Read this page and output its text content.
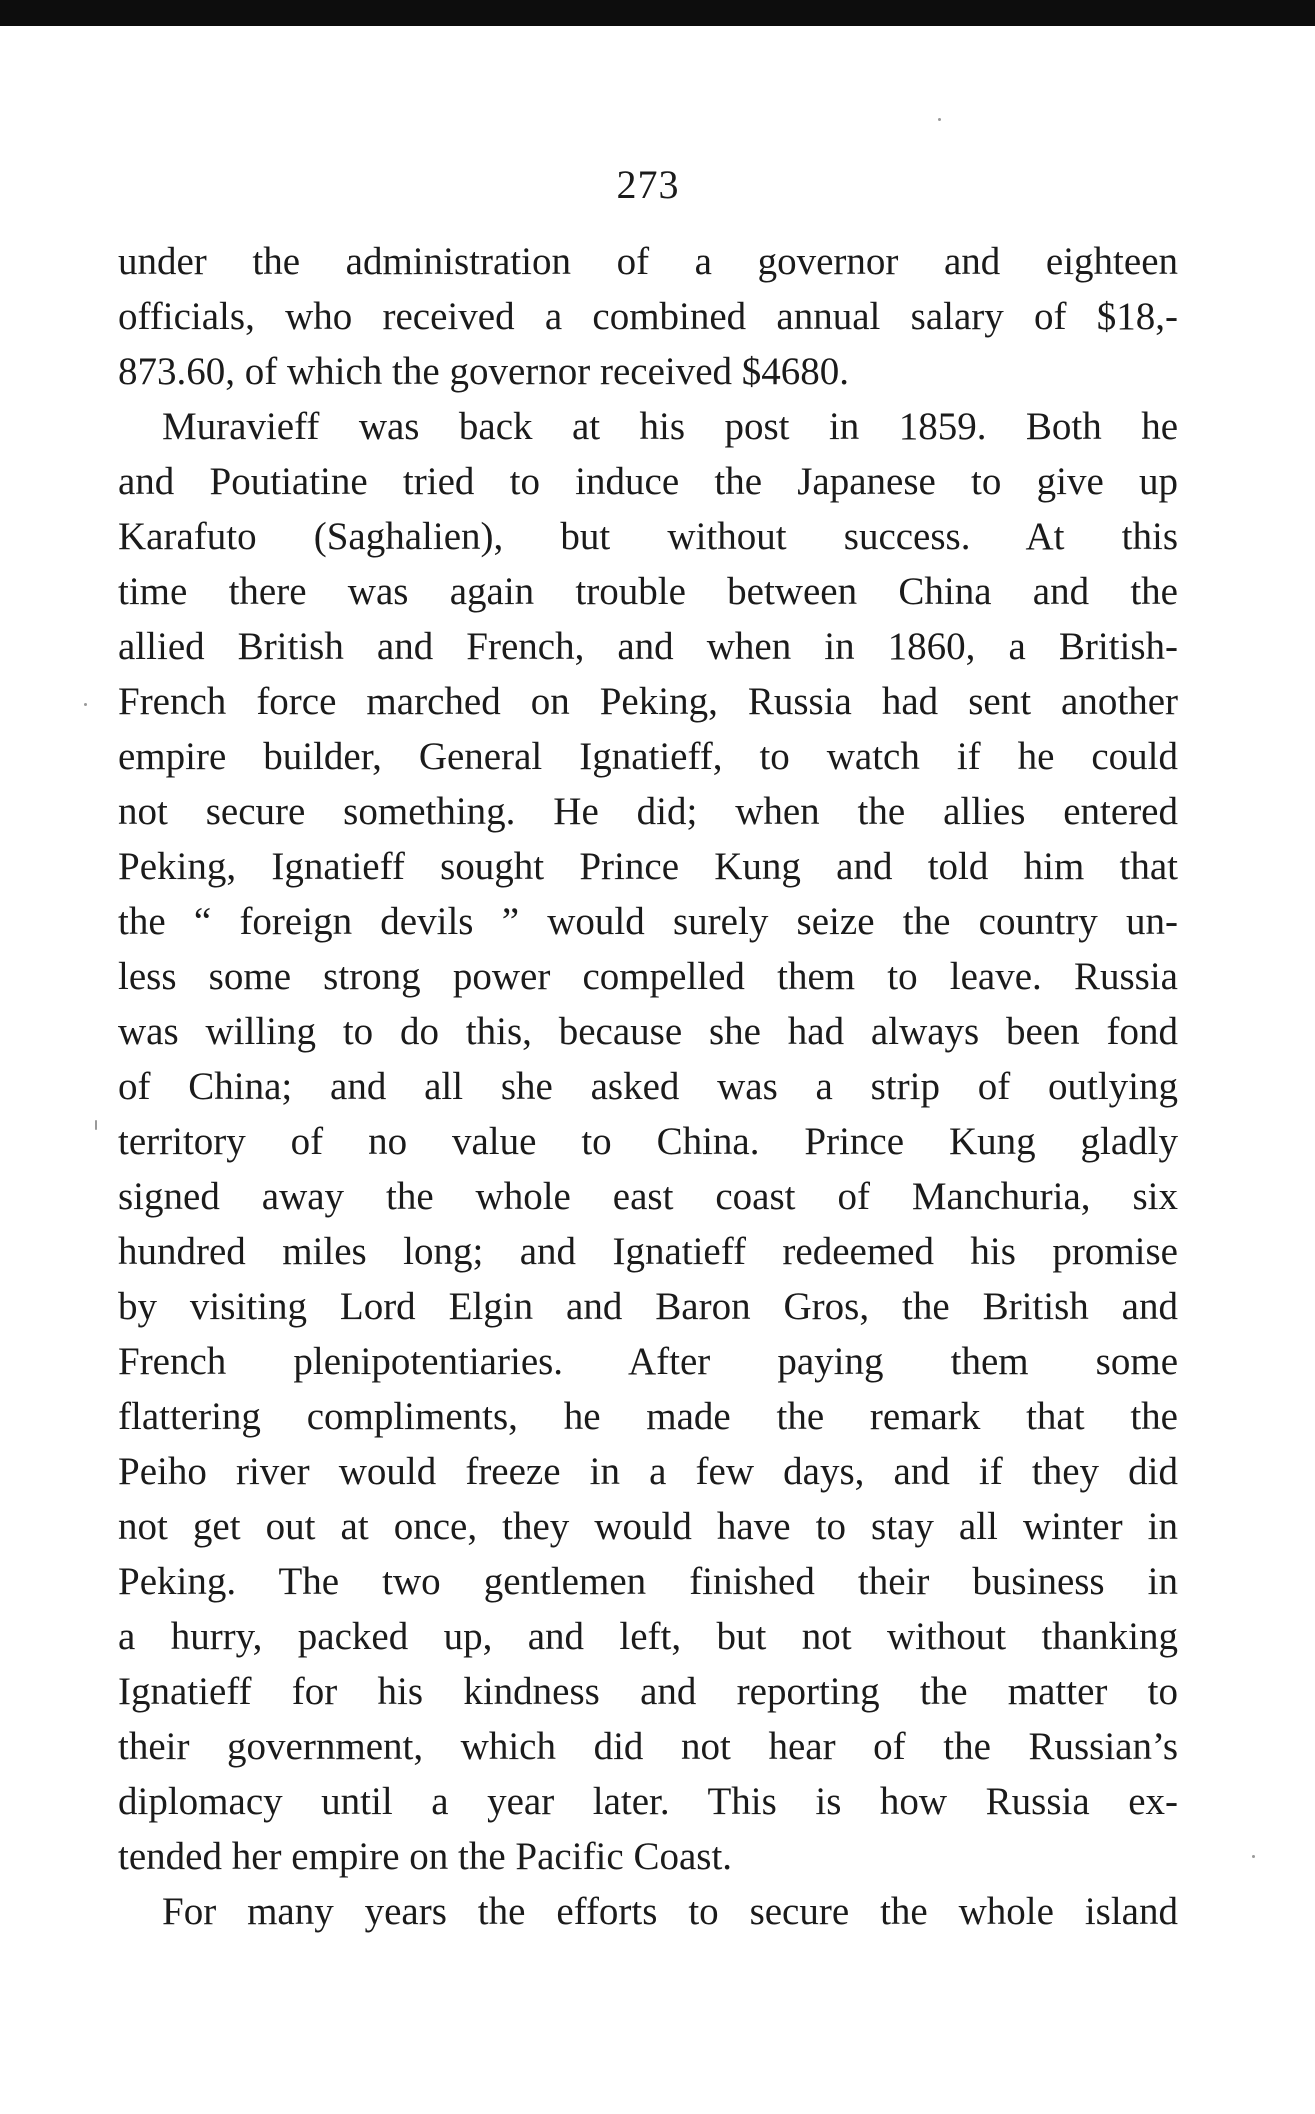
273
under the administration of a governor and eighteen
officials, who received a combined annual salary of $18,-
873.60, of which the governor received $4680.
Muravieff was back at his post in 1859. Both he
and Poutiatine tried to induce the Japanese to give up
Karafuto (Saghalien), but without success. At this
time there was again trouble between China and the
allied British and French, and when in 1860, a British-
French force marched on Peking, Russia had sent another
empire builder, General Ignatieff, to watch if he could
not secure something. He did; when the allies entered
Peking, Ignatieff sought Prince Kung and told him that
the “ foreign devils ” would surely seize the country un-
less some strong power compelled them to leave. Russia
was willing to do this, because she had always been fond
of China; and all she asked was a strip of outlying
territory of no value to China. Prince Kung gladly
signed away the whole east coast of Manchuria, six
hundred miles long; and Ignatieff redeemed his promise
by visiting Lord Elgin and Baron Gros, the British and
French plenipotentiaries. After paying them some
flattering compliments, he made the remark that the
Peiho river would freeze in a few days, and if they did
not get out at once, they would have to stay all winter in
Peking. The two gentlemen finished their business in
a hurry, packed up, and left, but not without thanking
Ignatieff for his kindness and reporting the matter to
their government, which did not hear of the Russian’s
diplomacy until a year later. This is how Russia ex-
tended her empire on the Pacific Coast.
For many years the efforts to secure the whole island
